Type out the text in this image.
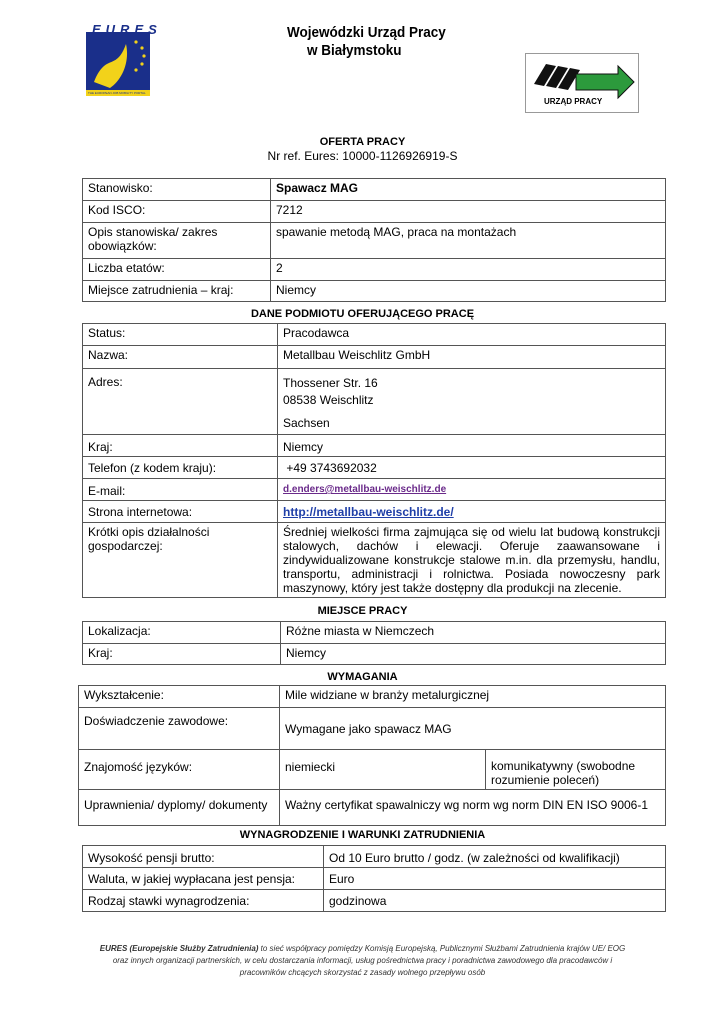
EURES
THE EUROPEAN JOB MOBILITY PORTAL
Wojewódzki Urząd Pracy
w Białymstoku
URZĄD PRACY
OFERTA PRACY
Nr ref. Eures: 10000-1126926919-S
Stanowisko:	Spawacz MAG
Kod ISCO:	7212
Opis stanowiska/ zakres obowiązków:	spawanie metodą MAG, praca na montażach
Liczba etatów:	2
Miejsce zatrudnienia – kraj:	Niemcy
DANE PODMIOTU OFERUJĄCEGO PRACĘ
Status:	Pracodawca
Nazwa:	Metallbau Weischlitz GmbH
Adres:	Thossener Str. 16
08538 Weischlitz
Sachsen

Kraj:	Niemcy
Telefon (z kodem kraju):	+49 3743692032
E-mail:	d.enders@metallbau-weischlitz.de
Strona internetowa:	http://metallbau-weischlitz.de/
Krótki opis działalności gospodarczej:	Średniej wielkości firma zajmująca się od wielu lat budową konstrukcji stalowych, dachów i elewacji. Oferuje zaawansowane i zindywidualizowane konstrukcje stalowe m.in. dla przemysłu, handlu, transportu, administracji i rolnictwa. Posiada nowoczesny park maszynowy, który jest także dostępny dla produkcji na zlecenie.
MIEJSCE PRACY
Lokalizacja:	Różne miasta w Niemczech
Kraj:	Niemcy
WYMAGANIA
Wykształcenie:	Mile widziane w branży metalurgicznej	
Doświadczenie zawodowe:	Wymagane jako spawacz MAG	
Znajomość języków:	niemiecki	komunikatywny (swobodne rozumienie poleceń)
Uprawnienia/ dyplomy/ dokumenty	Ważny certyfikat spawalniczy wg norm wg norm DIN EN ISO 9006-1	
WYNAGRODZENIE I WARUNKI ZATRUDNIENIA
Wysokość pensji brutto:	Od 10 Euro brutto / godz. (w zależności od kwalifikacji)
Waluta, w jakiej wypłacana jest pensja:	Euro
Rodzaj stawki wynagrodzenia:	godzinowa
EURES (Europejskie Służby Zatrudnienia) to sieć współpracy pomiędzy Komisją Europejską, Publicznymi Służbami Zatrudnienia krajów UE/ EOG
oraz innych organizacji partnerskich, w celu dostarczania informacji, usług pośrednictwa pracy i poradnictwa zawodowego dla pracodawców i
pracowników chcących skorzystać z zasady wolnego przepływu osób
